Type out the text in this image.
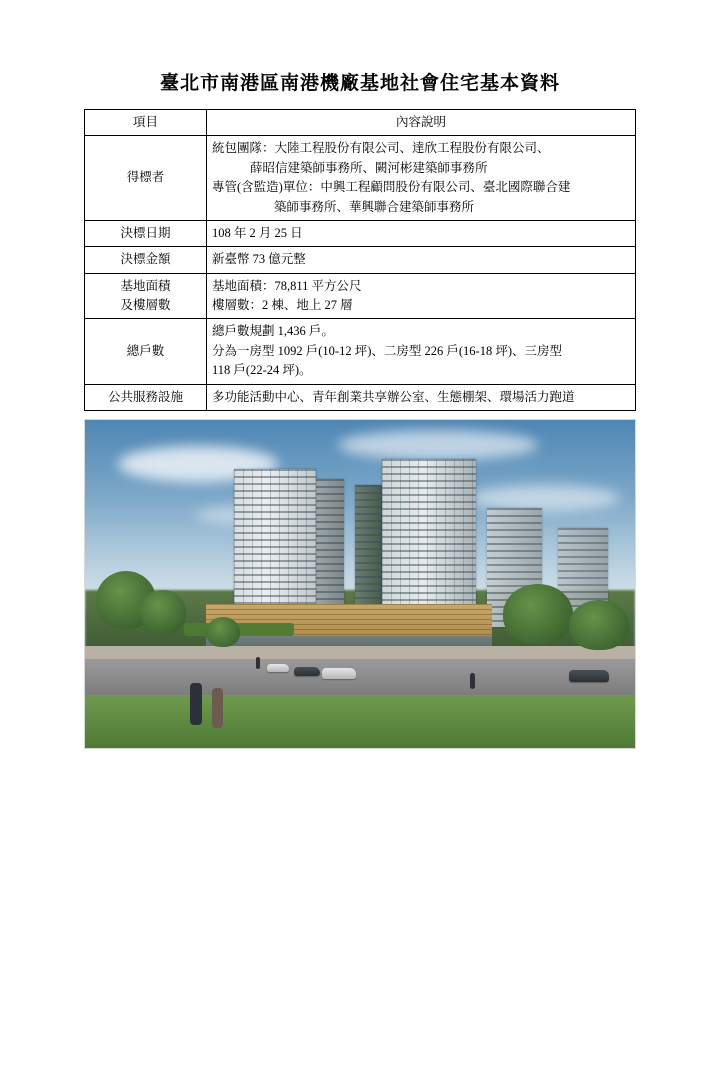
臺北市南港區南港機廠基地社會住宅基本資料
項目	內容說明
得標者	統包團隊：大陸工程股份有限公司、達欣工程股份有限公司、
薛昭信建築師事務所、闕河彬建築師事務所
專管(含監造)單位：中興工程顧問股份有限公司、臺北國際聯合建
築師事務所、華興聯合建築師事務所

決標日期	108 年 2 月 25 日
決標金額	新臺幣 73 億元整

基地面積
及樓層數	基地面積：78,811 平方公尺
樓層數：2 棟、地上 27 層

總戶數	總戶數規劃 1,436 戶。
分為一房型 1092 戶(10-12 坪)、二房型 226 戶(16-18 坪)、三房型
118 戶(22-24 坪)。

公共服務設施	多功能活動中心、青年創業共享辦公室、生態棚架、環場活力跑道
